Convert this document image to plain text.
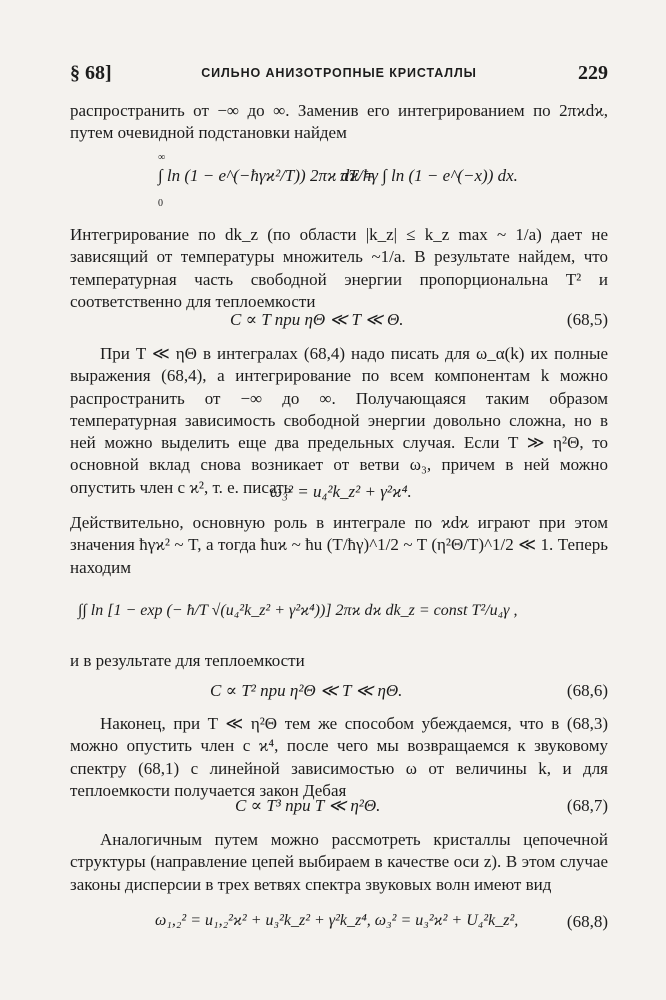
§ 68]	СИЛЬНО АНИЗОТРОПНЫЕ КРИСТАЛЛЫ	229

распространить от −∞ до ∞. Заменив его интегрированием по 2πϰdϰ, путем очевидной подстановки найдем

∫ ln (1 − e^(−ħγϰ²/T)) 2πϰ dϰ =
πT/ħγ ∫ ln (1 − e^(−x)) dx.
∞
0

Интегрирование по dk_z (по области |k_z| ≤ k_z max ~ 1/a) дает не зависящий от температуры множитель ~1/a. В результате найдем, что температурная часть свободной энергии пропорциональна T² и соответственно для теплоемкости

C ∝ T при ηΘ ≪ T ≪ Θ.	(68,5)

При T ≪ ηΘ в интегралах (68,4) надо писать для ω_α(k) их полные выражения (68,4), а интегрирование по всем компонентам k можно распространить от −∞ до ∞. Получающаяся таким образом температурная зависимость свободной энергии довольно сложна, но в ней можно выделить еще два предельных случая. Если T ≫ η²Θ, то основной вклад снова возникает от ветви ω₃, причем в ней можно опустить член с ϰ², т. е. писать

ω₃² = u₄²k_z² + γ²ϰ⁴.

Действительно, основную роль в интеграле по ϰdϰ играют при этом значения ħγϰ² ~ T, а тогда ħuϰ ~ ħu (T/ħγ)^1/2 ~ T (η²Θ/T)^1/2 ≪ 1. Теперь находим

∫∫ ln [1 − exp (− ħ/T √(u₄²k_z² + γ²ϰ⁴))] 2πϰ dϰ dk_z = const T²/u₄γ ,

и в результате для теплоемкости

C ∝ T² при η²Θ ≪ T ≪ ηΘ.	(68,6)

Наконец, при T ≪ η²Θ тем же способом убеждаемся, что в (68,3) можно опустить член с ϰ⁴, после чего мы возвращаемся к звуковому спектру (68,1) с линейной зависимостью ω от величины k, и для теплоемкости получается закон Дебая

C ∝ T³ при T ≪ η²Θ.	(68,7)

Аналогичным путем можно рассмотреть кристаллы цепочечной структуры (направление цепей выбираем в качестве оси z). В этом случае законы дисперсии в трех ветвях спектра звуковых волн имеют вид

ω₁,₂² = u₁,₂²ϰ² + u₃²k_z² + γ²k_z⁴, ω₃² = u₃²ϰ² + U₄²k_z²,	(68,8)
